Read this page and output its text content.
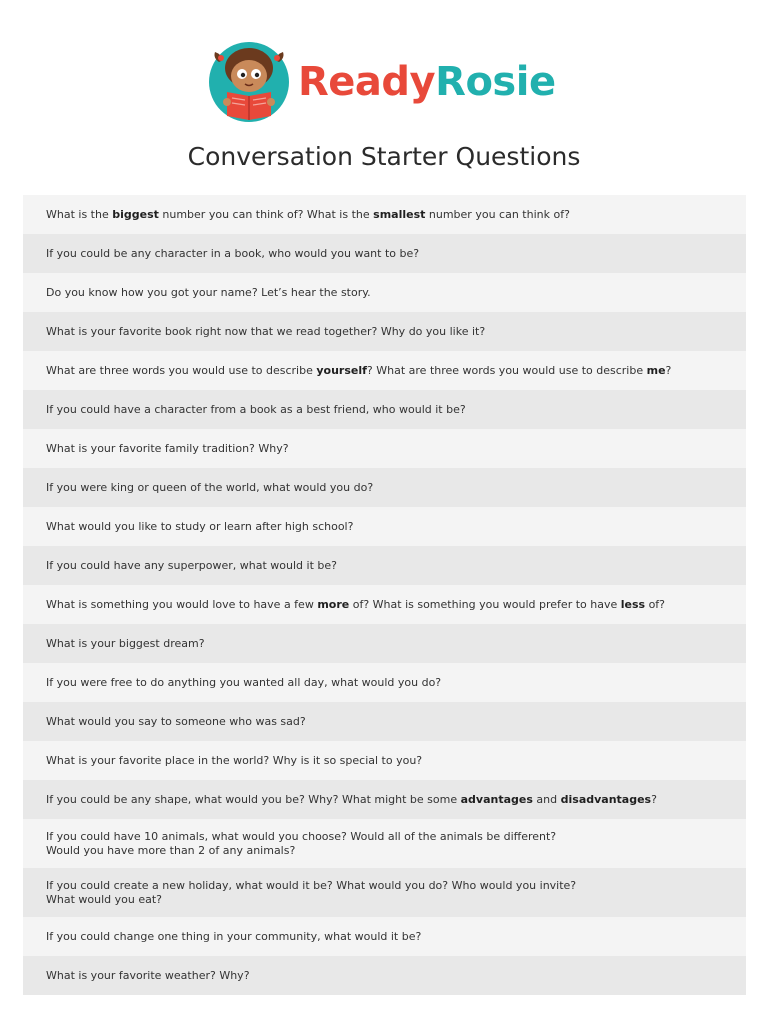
ReadyRosie
Conversation Starter Questions
What is the biggest number you can think of? What is the smallest number you can think of?
If you could be any character in a book, who would you want to be?
Do you know how you got your name? Let’s hear the story.
What is your favorite book right now that we read together? Why do you like it?
What are three words you would use to describe yourself? What are three words you would use to describe me?
If you could have a character from a book as a best friend, who would it be?
What is your favorite family tradition? Why?
If you were king or queen of the world, what would you do?
What would you like to study or learn after high school?
If you could have any superpower, what would it be?
What is something you would love to have a few more of? What is something you would prefer to have less of?
What is your biggest dream?
If you were free to do anything you wanted all day, what would you do?
What would you say to someone who was sad?
What is your favorite place in the world? Why is it so special to you?
If you could be any shape, what would you be? Why? What might be some advantages and disadvantages?
If you could have 10 animals, what would you choose? Would all of the animals be different?
Would you have more than 2 of any animals?
If you could create a new holiday, what would it be? What would you do? Who would you invite?
What would you eat?
If you could change one thing in your community, what would it be?
What is your favorite weather? Why?
